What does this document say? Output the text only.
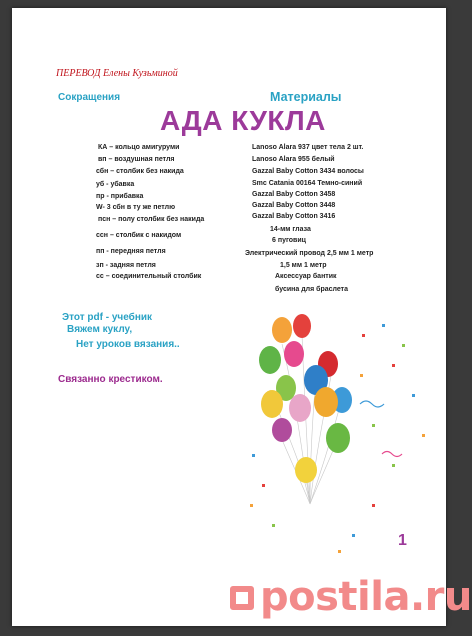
ПЕРЕВОД Елены Кузьминой
Сокращения	Материалы
АДА КУКЛА
КА – кольцо амигуруми
вп – воздушная петля
сбн – столбик без накида
уб - убавка
пр - прибавка
W- 3 сбн в ту же петлю
псн – полу столбик без накида
ссн – столбик с накидом
пп - передняя петля
зп - задняя петля
сс – соединительный столбик
Lanoso Alara 937 цвет тела 2 шт.
Lanoso Alara 955 белый
Gazzal Baby Cotton 3434 волосы
Smc Catania 00164 Темно-синий
Gazzal Baby Cotton 3458
Gazzal Baby Cotton 3448
Gazzal Baby Cotton 3416
14-мм глаза
6 пуговиц
Электрический провод 2,5 мм 1 метр
1,5 мм 1 метр
Аксессуар бантик
бусина для браслета
Этот pdf - учебник
Вяжем куклу,
Нет уроков вязания..
Связанно крестиком.
1
postila.ru
